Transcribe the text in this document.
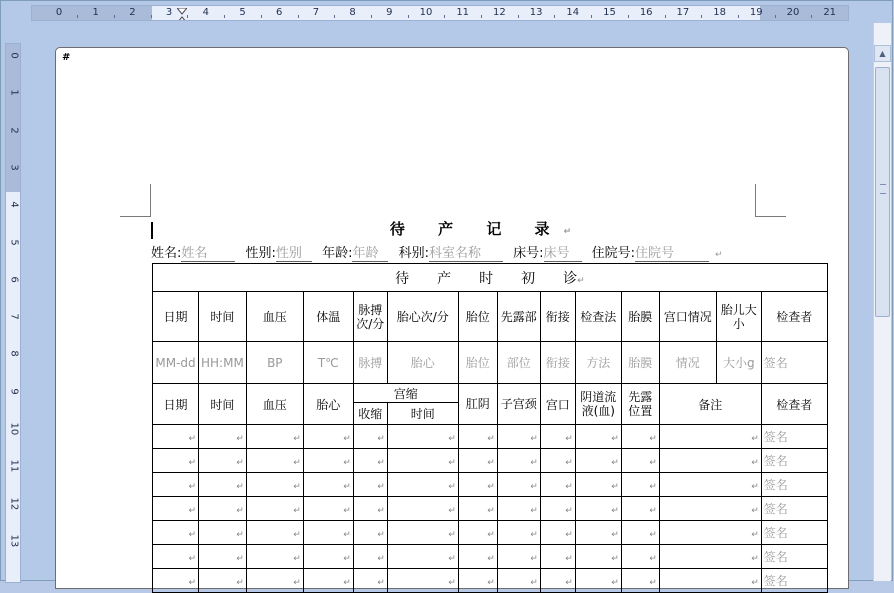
0	1	2	3	4	5	6	7	8	9	10 11 12 13 14 15 16 17 18 19 20 21
0
1
2
3
4
5
6
7
8
9
10
11
12
13
▲
#
待 产 记 录↵
姓名:姓名	性别:性别 年龄:年龄 科别:科室名称 床号:床号 住院号:住院号	↵
待　　产　　时　　初　　诊↵													
日期	时间	血压	体温	脉搏次/分	胎心次/分	胎位	先露部	衔接	检查法	胎膜	宫口情况	胎儿大小	检查者
MM-dd	HH:MM	BP	T℃	脉搏	胎心	胎位	部位	衔接	方法	胎膜	情况	大小g	签名
日期	时间	血压	胎心	宫缩		肛阴	子宫颈	宫口	阴道流液(血)	先露位置	备注		检查者
				收缩	时间								
↵	↵	↵	↵	↵	↵	↵	↵	↵	↵	↵	↵		签名
↵	↵	↵	↵	↵	↵	↵	↵	↵	↵	↵	↵		签名
↵	↵	↵	↵	↵	↵	↵	↵	↵	↵	↵	↵		签名
↵	↵	↵	↵	↵	↵	↵	↵	↵	↵	↵	↵		签名
↵	↵	↵	↵	↵	↵	↵	↵	↵	↵	↵	↵		签名
↵	↵	↵	↵	↵	↵	↵	↵	↵	↵	↵	↵		签名
↵	↵	↵	↵	↵	↵	↵	↵	↵	↵	↵	↵		签名
